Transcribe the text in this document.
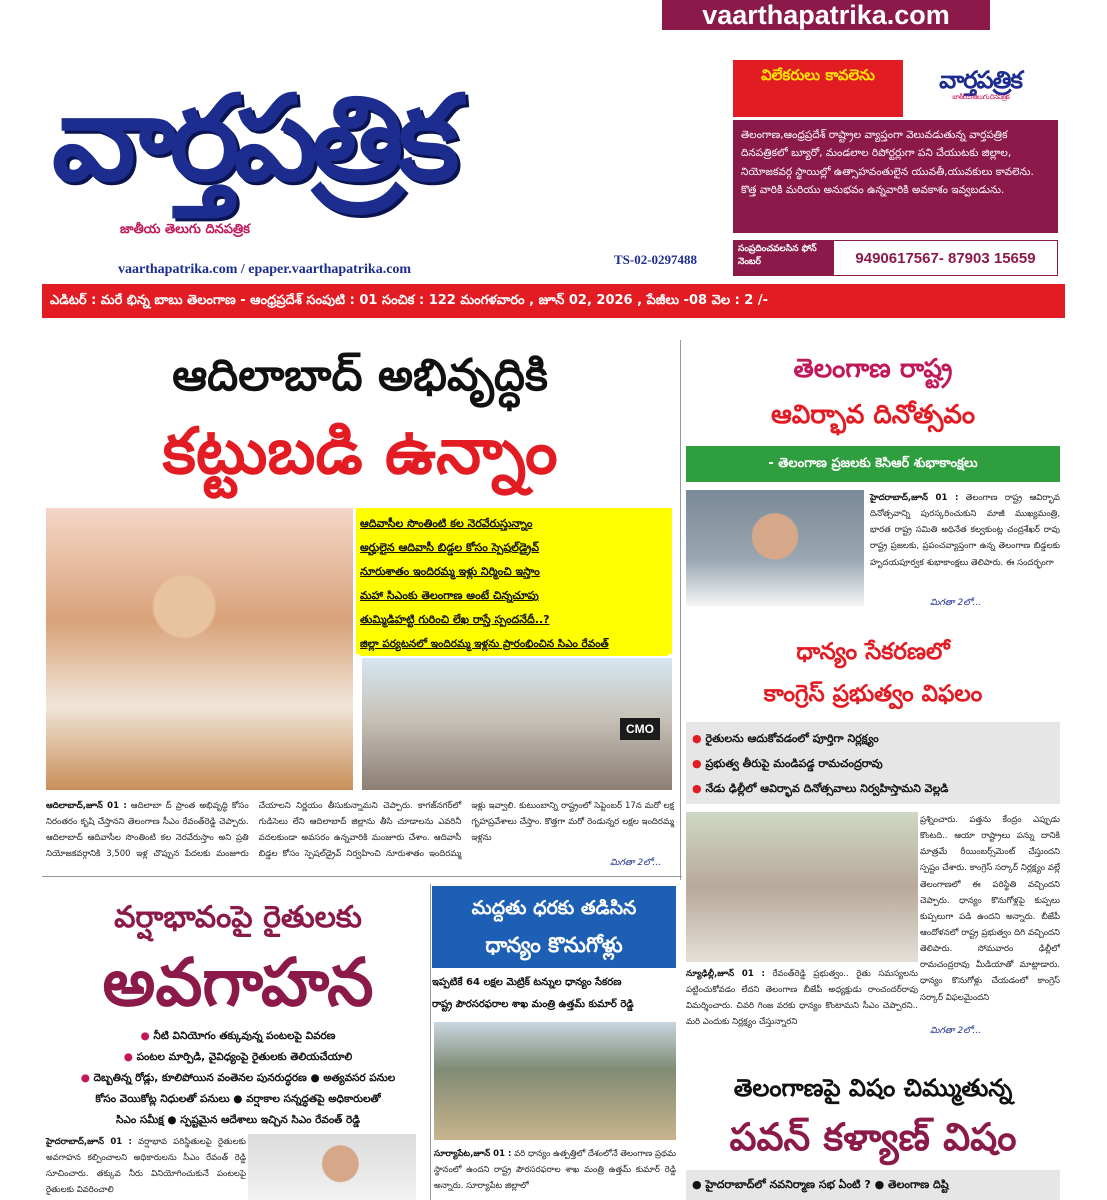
vaarthapatrika.com
వార్తపత్రిక
జాతీయ తెలుగు దినపత్రిక
vaarthapatrika.com / epaper.vaarthapatrika.com
TS-02-0297488
విలేకరులు కావలెను	వార్తపత్రిక
జాతీయ తెలుగు దినపత్రిక
తెలంగాణ,ఆంధ్రప్రదేశ్ రాష్ట్రాల వ్యాప్తంగా వెలువడుతున్న వార్తపత్రిక దినపత్రికలో బ్యూరో, మండలాల రిపోర్టర్లుగా పని చేయుటకు జిల్లాల, నియోజకవర్గ స్థాయిల్లో ఉత్సాహవంతులైన యువతీ,యువకులు కావలెను. కొత్త వారికి మరియు అనుభవం ఉన్నవారికి అవకాశం ఇవ్వబడును.
సంప్రదించవలసిన ఫోన్ నెంబర్	9490617567- 87903 15659
ఎడిటర్ : మరే భిన్న బాబు తెలంగాణ - ఆంధ్రప్రదేశ్ సంపుటి : 01 సంచిక : 122 మంగళవారం , జూన్ 02, 2026 , పేజీలు -08 వెల : 2 /-
ఆదిలాబాద్ అభివృద్ధికి
కట్టుబడి ఉన్నాం
ఆదివాసీల సొంతింటి కల నెరవేరుస్తున్నాం
అర్హులైన ఆదివాసీ బిడ్డల కోసం స్పెషల్‌డ్రైవ్
నూరుశాతం ఇందిరమ్మ ఇళ్లు నిర్మించి ఇస్తాం
మహా సిఎంకు తెలంగాణ అంటే చిన్నచూపు
తుమ్మిడిహట్టి గురించి లేఖ రాస్తే స్పందనేదీ..?
జిల్లా పర్యటనలో ఇందిరమ్మ ఇళ్లను ప్రారంభించిన సిఎం రేవంత్
CMO
ఆదిలాబాద్,జూన్ 01 : ఆదిలాబా ద్ ప్రాంత అభివృద్ధి కోసం నిరంతరం కృషి చేస్తానని తెలంగాణ సీఎం రేవంత్‌రెడ్డి చెప్పారు. ఆదిలాబాద్ ఆదివాసీల సొంతింటి కల నెరవేరుస్తాం అని ప్రతి నియోజకవర్గానికి 3,500 ఇళ్ల చొప్పున పేదలకు మంజూరు చేయాలని నిర్ణయం తీసుకున్నామని చెప్పారు. కాగజ్‌నగర్‌లో గుడిసెలు లేని ఆదిలాబాద్ జిల్లాను తీసి చూడాలను ఎవరినీ వదలకుండా అవసరం ఉన్నవారికి మంజూరు చేశాం. ఆదివాసీ బిడ్డల కోసం స్పెషల్‌డ్రైవ్ నిర్వహించి నూరుశాతం ఇందిరమ్మ ఇళ్లు ఇవ్వాలి. కుటుంబాన్ని రాష్ట్రంలో సెప్టెంబర్ 17న మరో లక్ష గృహప్రవేశాలు చేస్తాం. కొత్తగా మరో రెండున్నర లక్షల ఇందిరమ్మ ఇళ్లను
మిగతా 2లో...
తెలంగాణ రాష్ట్ర
ఆవిర్భావ దినోత్సవం
- తెలంగాణ ప్రజలకు కెసిఆర్ శుభాకాంక్షలు
హైదరాబాద్,జూన్ 01 : తెలంగాణ రాష్ట్ర ఆవిర్భావ దినోత్సవాన్ని పురస్కరించుకుని మాజీ ముఖ్యమంత్రి, భారత రాష్ట్ర సమితి అధినేత కల్వకుంట్ల చంద్రశేఖర్ రావు రాష్ట్ర ప్రజలకు, ప్రపంచవ్యాప్తంగా ఉన్న తెలంగాణ బిడ్డలకు హృదయపూర్వక శుభాకాంక్షలు తెలిపారు. ఈ సందర్భంగా
మిగతా 2లో...
ధాన్యం సేకరణలో
కాంగ్రెస్ ప్రభుత్వం విఫలం
● రైతులను ఆదుకోవడంలో పూర్తిగా నిర్లక్ష్యం
● ప్రభుత్వ తీరుపై మండిపడ్డ రామచంద్రరావు
● నేడు ఢిల్లీలో ఆవిర్భావ దినోత్సవాలు నిర్వహిస్తామని వెల్లడి
ప్రశ్నించారు. పత్తను కేంద్రం ఎప్పుడు కొంటది.. ఆయా రాష్ట్రాలు పన్ను దానికి మాత్రమే రీయింబర్స్‌మెంట్ చేస్తుందని స్పష్టం చేశారు. కాంగ్రెస్ సర్కార్ నిర్లక్ష్యం వల్లే తెలంగాణలో ఈ పరిస్థితి వచ్చిందని చెప్పారు. ధాన్యం కొనుగోళ్లపై కుప్పలు కుప్పలుగా పడి ఉందని అన్నారు. బీజేపీ ఆందోళనలో రాష్ట్ర ప్రభుత్వం దిగి వచ్చిందని తెలిపారు. సోమవారం ఢిల్లీలో రామచంద్రరావు మీడియాతో మాట్లాడారు. ధాన్యం కొనుగోళ్లు చేయడంలో కాంగ్రెస్ సర్కార్ విఫలమైందని
న్యూఢిల్లీ,జూన్ 01 : రేవంత్‌రెడ్డి ప్రభుత్వం.. రైతు సమస్యలను పట్టించుకోవడం లేదని తెలంగాణ బీజేపీ అధ్యక్షుడు రాంచందర్‌రావు విమర్శించారు. చివరి గింజ వరకు ధాన్యం కొంటామని సీఎం చెప్పారని.. మరి ఎందుకు నిర్లక్ష్యం చేస్తున్నారని
మిగతా 2లో...
వర్షాభావంపై రైతులకు
అవగాహన
● నీటి వినియోగం తక్కువున్న పంటలపై వివరణ
● పంటల మార్పిడి, వైవిధ్యంపై రైతులకు తెలియచేయాలి
● దెబ్బతిన్న రోడ్లు, కూలిపోయిన వంతెనల పునరుద్ధరణ ● అత్యవసర పనుల
కోసం వెయికోట్ల నిధులతో పనులు ● వర్షాకాల సన్నద్ధతపై అధికారులతో
సిఎం సమీక్ష ● స్పష్టమైన ఆదేశాలు ఇచ్చిన సిఎం రేవంత్ రెడ్డి
హైదరాబాద్,జూన్ 01 : వర్షాభావ పరిస్థితులపై రైతులకు అవగాహన కల్పించాలని అధికారులను సీఎం రేవంత్ రెడ్డి సూచించారు. తక్కువ నీరు వినియోగించుకునే పంటలపై రైతులకు వివరించాలి
మద్దతు ధరకు తడిసిన
ధాన్యం కొనుగోళ్లు
ఇప్పటికే 64 లక్షల మెట్రిక్ టన్నుల ధాన్యం సేకరణ
రాష్ట్ర పౌరసరఫరాల శాఖ మంత్రి ఉత్తమ్ కుమార్ రెడ్డి
సూర్యాపేట,జూన్ 01 : వరి ధాన్యం ఉత్పత్తిలో దేశంలోనే తెలంగాణ ప్రథమ స్థానంలో ఉందని రాష్ట్ర పౌరసరఫరాల శాఖ మంత్రి ఉత్తమ్ కుమార్ రెడ్డి అన్నారు. సూర్యాపేట జిల్లాలో
తెలంగాణపై విషం చిమ్ముతున్న
పవన్ కళ్యాణ్ విషం
● హైదరాబాద్‌లో నవనిర్మాణ సభ ఏంటి ? ● తెలంగాణ దిష్టి
